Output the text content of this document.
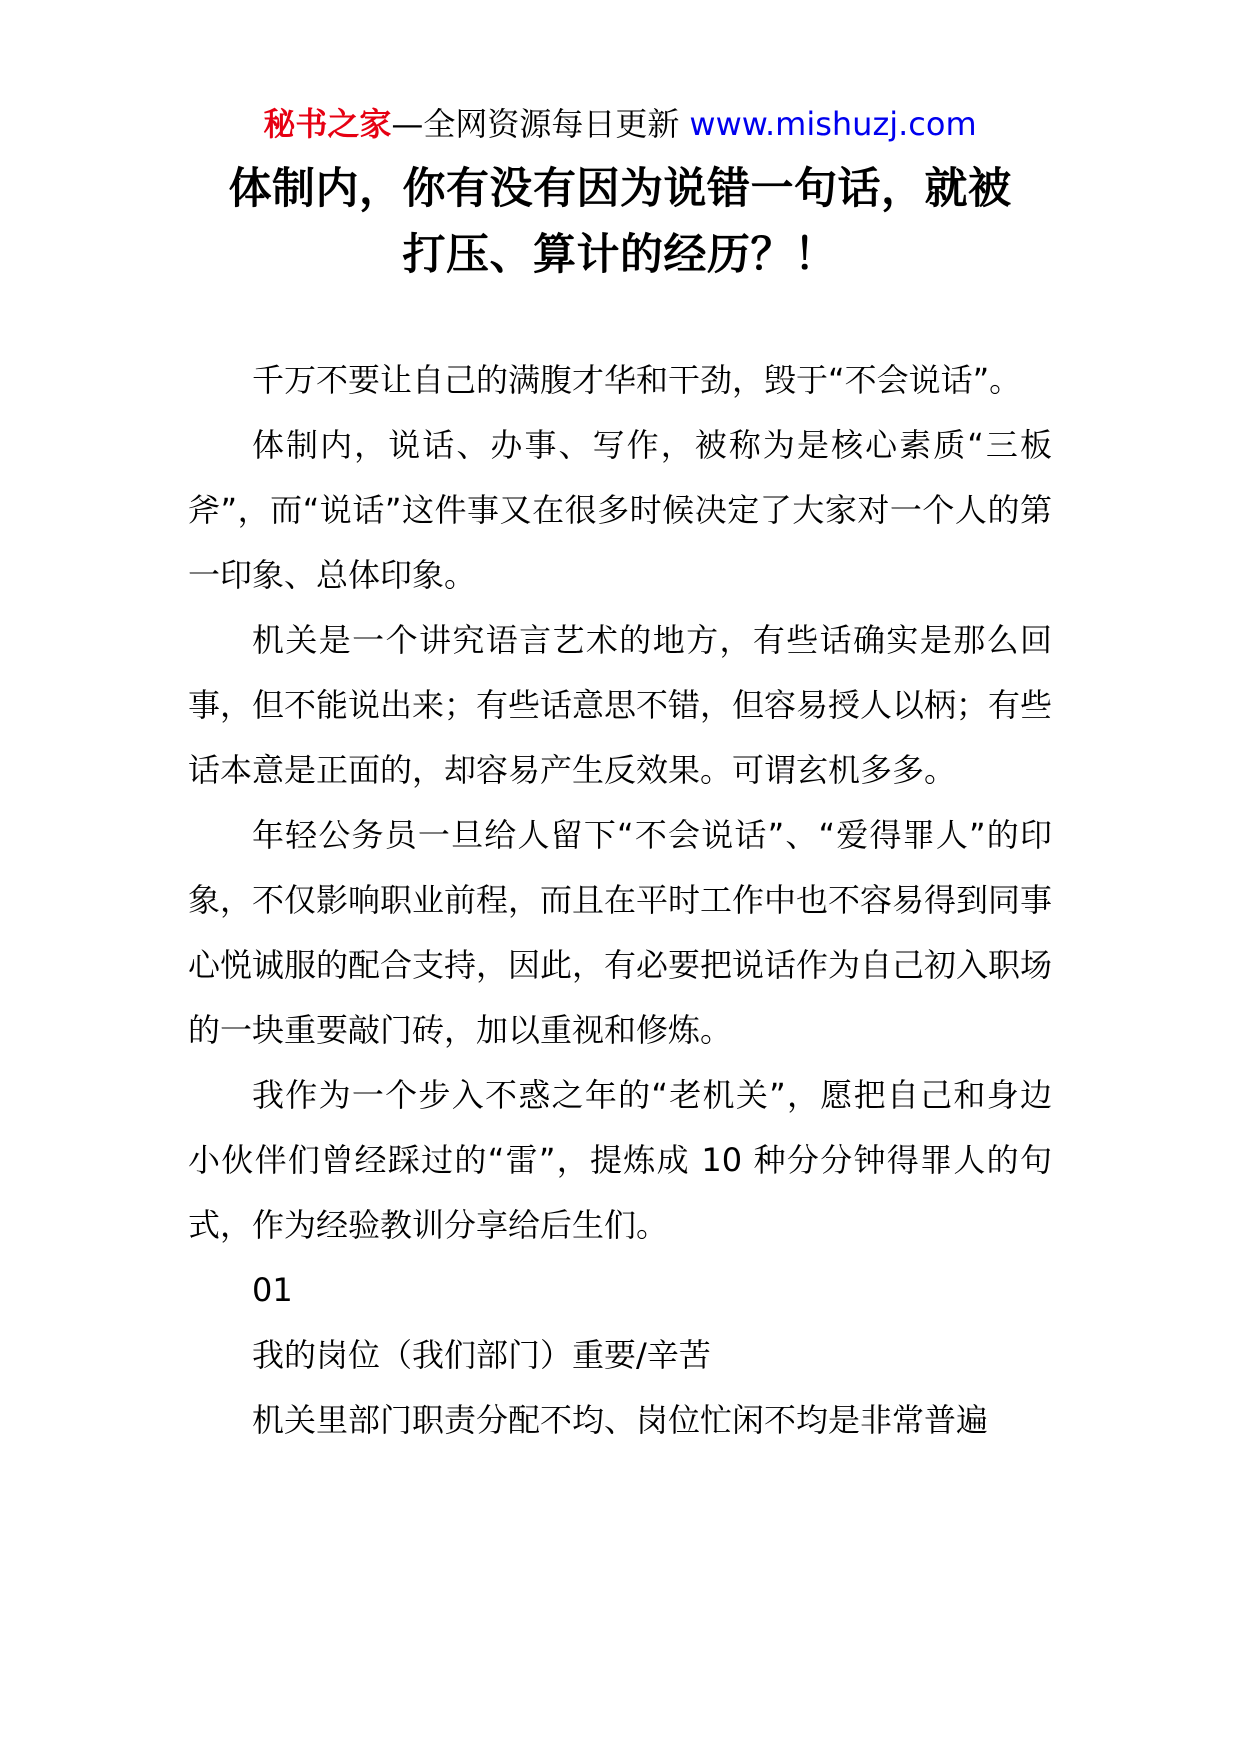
秘书之家—全网资源每日更新 www.mishuzj.com
体制内，你有没有因为说错一句话，就被
打压、算计的经历？！

千万不要让自己的满腹才华和干劲，毁于“不会说话”。

体制内，说话、办事、写作，被称为是核心素质“三板斧”，而“说话”这件事又在很多时候决定了大家对一个人的第一印象、总体印象。

机关是一个讲究语言艺术的地方，有些话确实是那么回事，但不能说出来；有些话意思不错，但容易授人以柄；有些话本意是正面的，却容易产生反效果。可谓玄机多多。

年轻公务员一旦给人留下“不会说话”、“爱得罪人”的印象，不仅影响职业前程，而且在平时工作中也不容易得到同事心悦诚服的配合支持，因此，有必要把说话作为自己初入职场的一块重要敲门砖，加以重视和修炼。

我作为一个步入不惑之年的“老机关”，愿把自己和身边小伙伴们曾经踩过的“雷”，提炼成 10 种分分钟得罪人的句式，作为经验教训分享给后生们。

01

我的岗位（我们部门）重要/辛苦

机关里部门职责分配不均、岗位忙闲不均是非常普遍
